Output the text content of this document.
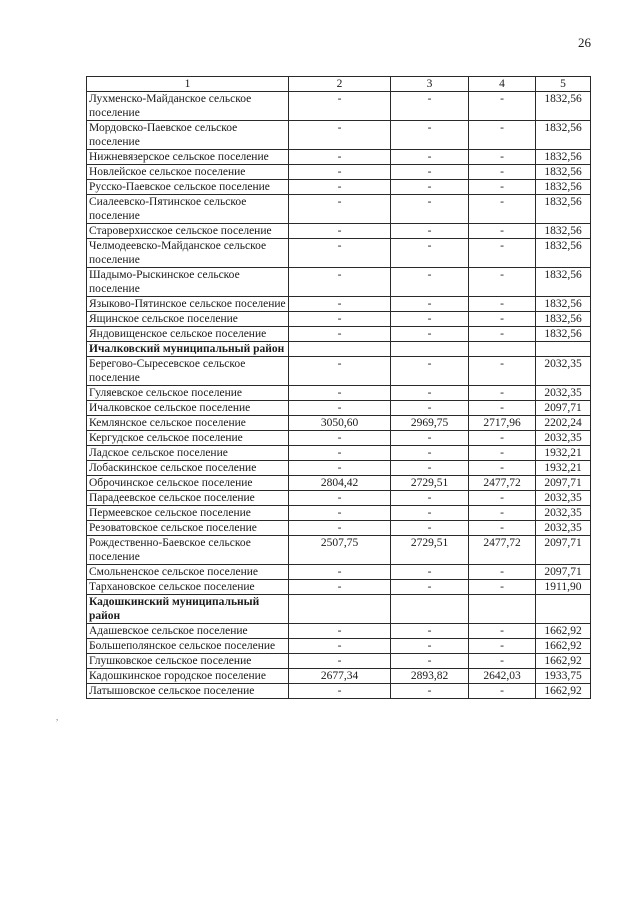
26
,
1	2	3	4	5
Лухменско-Майданское сельское поселение	-	-	-	1832,56
Мордовско-Паевское сельское поселение	-	-	-	1832,56
Нижневязерское сельское поселение	-	-	-	1832,56
Новлейское сельское поселение	-	-	-	1832,56
Русско-Паевское сельское поселение	-	-	-	1832,56
Сиалеевско-Пятинское сельское поселение	-	-	-	1832,56
Староверхисское сельское поселение	-	-	-	1832,56
Челмодеевско-Майданское сельское поселение	-	-	-	1832,56
Шадымо-Рыскинское сельское поселение	-	-	-	1832,56
Языково-Пятинское сельское поселение	-	-	-	1832,56
Ящинское сельское поселение	-	-	-	1832,56
Яндовищенское сельское поселение	-	-	-	1832,56
Ичалковский муниципальный район				
Берегово-Сыресевское сельское поселение	-	-	-	2032,35
Гуляевское сельское поселение	-	-	-	2032,35
Ичалковское сельское поселение	-	-	-	2097,71
Кемлянское сельское поселение	3050,60	2969,75	2717,96	2202,24
Кергудское сельское поселение	-	-	-	2032,35
Ладское сельское поселение	-	-	-	1932,21
Лобаскинское сельское поселение	-	-	-	1932,21
Оброчинское сельское поселение	2804,42	2729,51	2477,72	2097,71
Парадеевское сельское поселение	-	-	-	2032,35
Пермеевское сельское поселение	-	-	-	2032,35
Резоватовское сельское поселение	-	-	-	2032,35
Рождественно-Баевское сельское поселение	2507,75	2729,51	2477,72	2097,71
Смольненское сельское поселение	-	-	-	2097,71
Тархановское сельское поселение	-	-	-	1911,90
Кадошкинский муниципальный район				
Адашевское сельское поселение	-	-	-	1662,92
Большеполянское сельское поселение	-	-	-	1662,92
Глушковское сельское поселение	-	-	-	1662,92
Кадошкинское городское поселение	2677,34	2893,82	2642,03	1933,75
Латышовское сельское поселение	-	-	-	1662,92
